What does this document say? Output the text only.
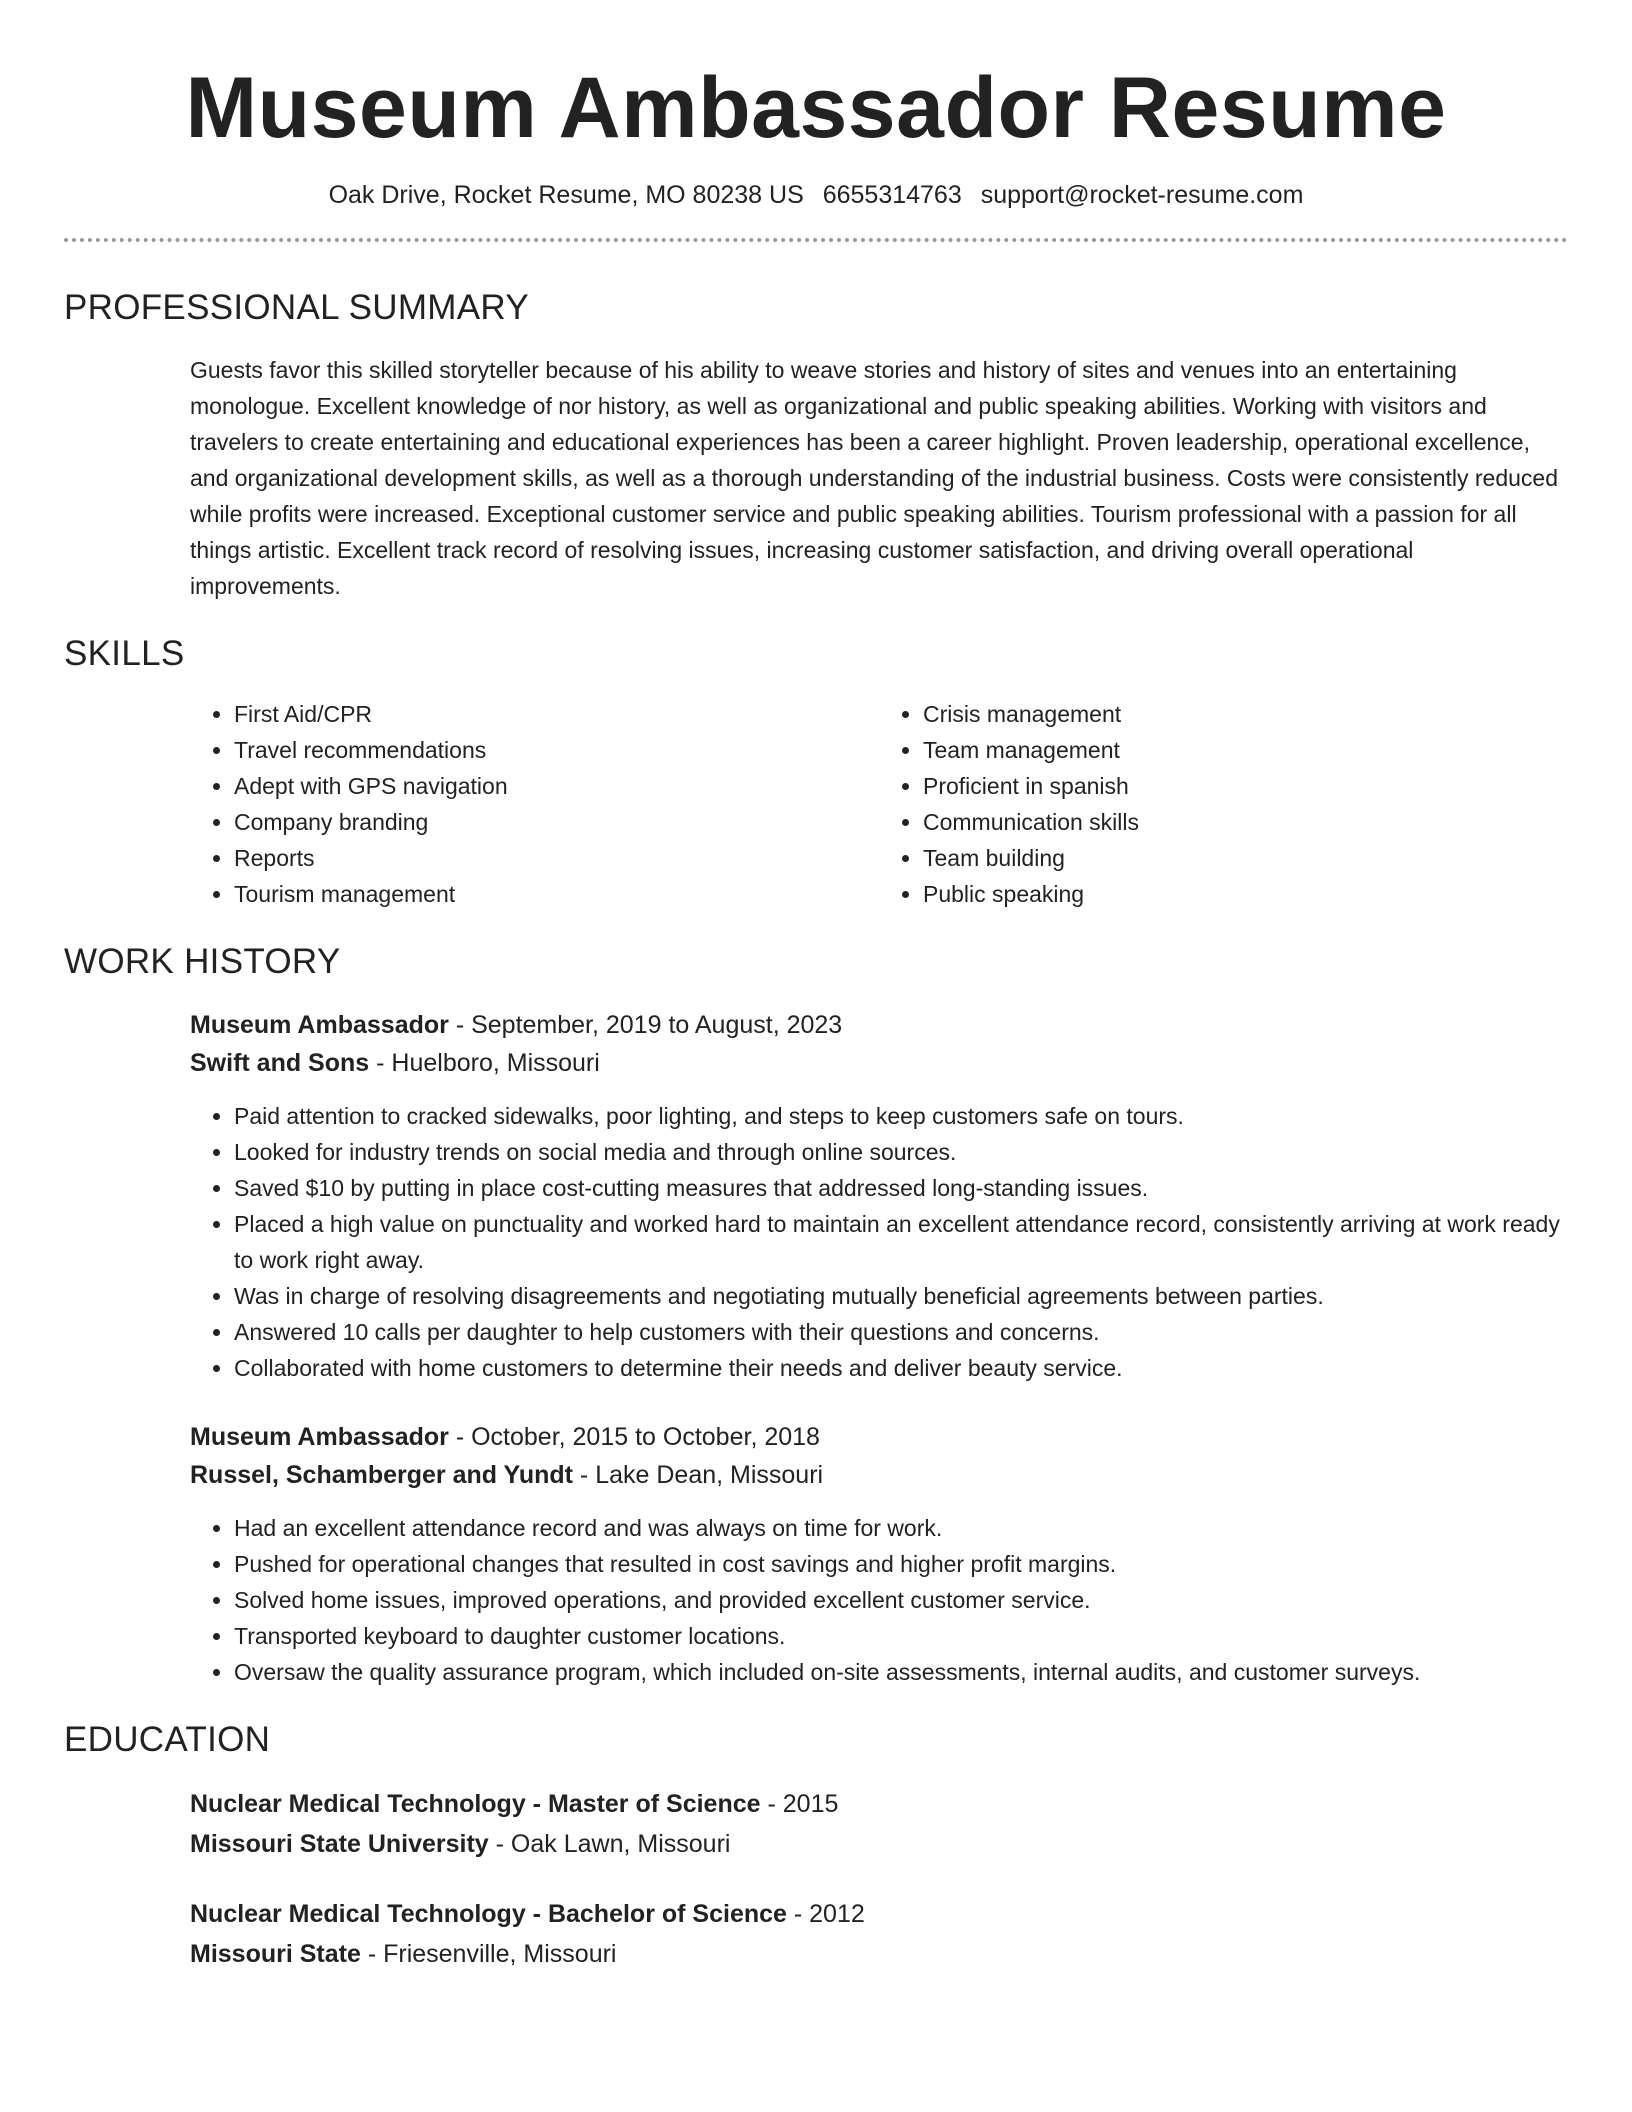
Museum Ambassador Resume
Oak Drive, Rocket Resume, MO 80238 US 6655314763 support@rocket-resume.com
PROFESSIONAL SUMMARY

Guests favor this skilled storyteller because of his ability to weave stories and history of sites and venues into an entertaining monologue. Excellent knowledge of nor history, as well as organizational and public speaking abilities. Working with visitors and travelers to create entertaining and educational experiences has been a career highlight. Proven leadership, operational excellence, and organizational development skills, as well as a thorough understanding of the industrial business. Costs were consistently reduced while profits were increased. Exceptional customer service and public speaking abilities. Tourism professional with a passion for all things artistic. Excellent track record of resolving issues, increasing customer satisfaction, and driving overall operational improvements.

SKILLS
• First Aid/CPR
• Travel recommendations
• Adept with GPS navigation
• Company branding
• Reports
• Tourism management
• Crisis management
• Team management
• Proficient in spanish
• Communication skills
• Team building
• Public speaking
WORK HISTORY
Museum Ambassador - September, 2019 to August, 2023
Swift and Sons - Huelboro, Missouri
• Paid attention to cracked sidewalks, poor lighting, and steps to keep customers safe on tours.
• Looked for industry trends on social media and through online sources.
• Saved $10 by putting in place cost-cutting measures that addressed long-standing issues.
• Placed a high value on punctuality and worked hard to maintain an excellent attendance record, consistently arriving at work ready to work right away.
• Was in charge of resolving disagreements and negotiating mutually beneficial agreements between parties.
• Answered 10 calls per daughter to help customers with their questions and concerns.
• Collaborated with home customers to determine their needs and deliver beauty service.
Museum Ambassador - October, 2015 to October, 2018
Russel, Schamberger and Yundt - Lake Dean, Missouri
• Had an excellent attendance record and was always on time for work.
• Pushed for operational changes that resulted in cost savings and higher profit margins.
• Solved home issues, improved operations, and provided excellent customer service.
• Transported keyboard to daughter customer locations.
• Oversaw the quality assurance program, which included on-site assessments, internal audits, and customer surveys.
EDUCATION
Nuclear Medical Technology - Master of Science - 2015
Missouri State University - Oak Lawn, Missouri
Nuclear Medical Technology - Bachelor of Science - 2012
Missouri State - Friesenville, Missouri
